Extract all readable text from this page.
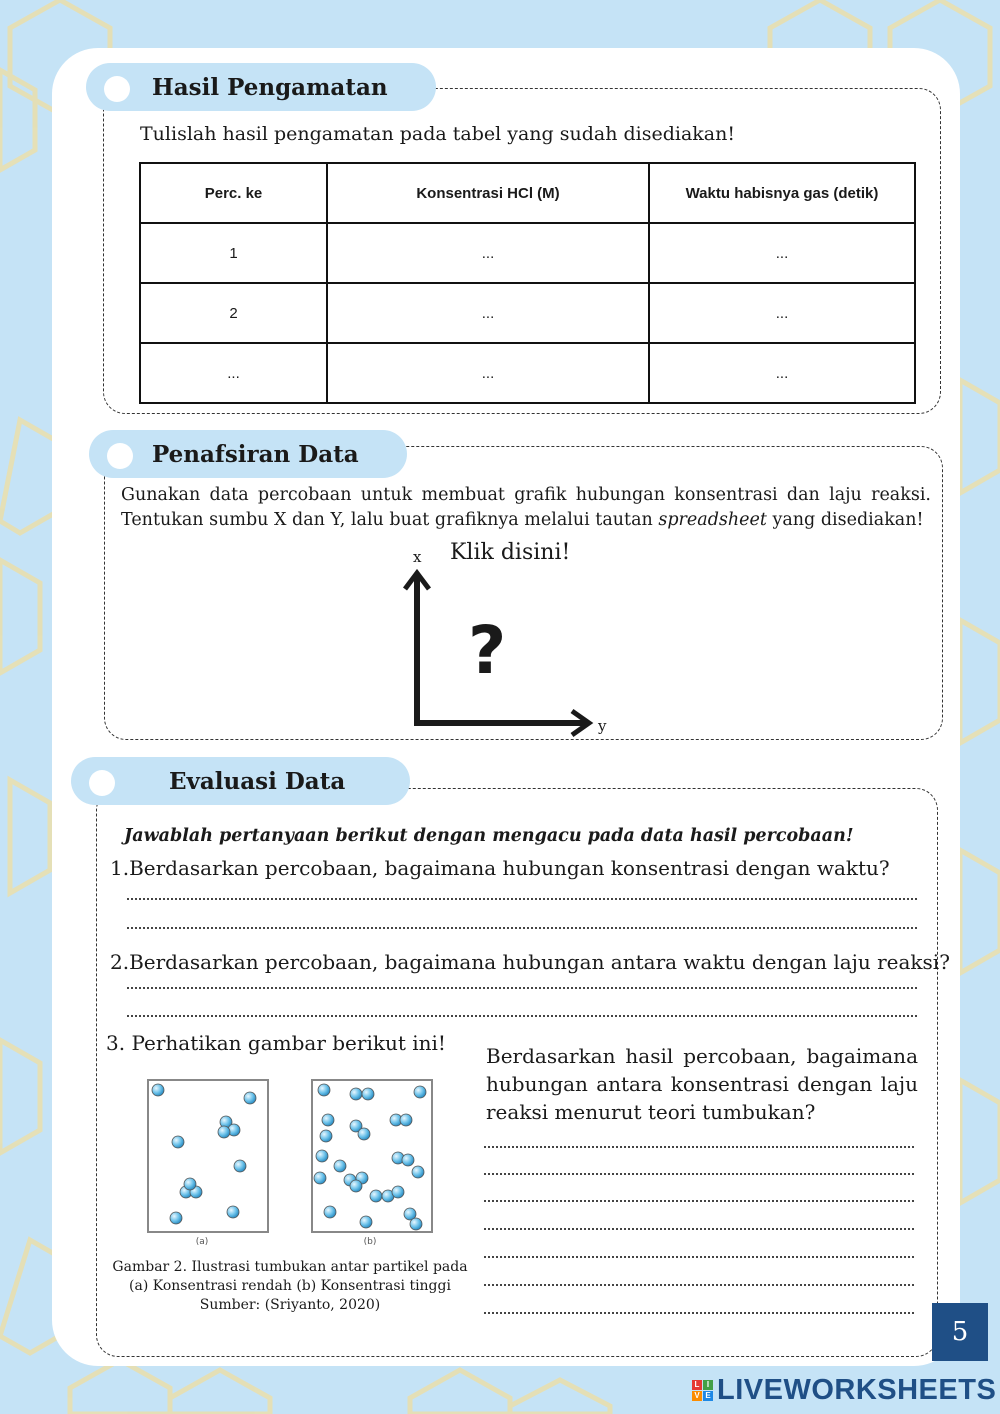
Hasil Pengamatan
Tulislah hasil pengamatan pada tabel yang sudah disediakan!
Perc. ke	Konsentrasi HCl (M)	Waktu habisnya gas (detik)
1	...	...
2	...	...
...	...	...
Penafsiran Data
Gunakan data percobaan untuk membuat grafik hubungan konsentrasi dan laju reaksi. Tentukan sumbu X dan Y, lalu buat grafiknya melalui tautan spreadsheet yang disediakan!
Klik disini!
x
y
?
Evaluasi Data
Jawablah pertanyaan berikut dengan mengacu pada data hasil percobaan!
1.Berdasarkan percobaan, bagaimana hubungan konsentrasi dengan waktu?
2.Berdasarkan percobaan, bagaimana hubungan antara waktu dengan laju reaksi?
3. Perhatikan gambar berikut ini!
Berdasarkan hasil percobaan, bagaimana hubungan antara konsentrasi dengan laju reaksi menurut teori tumbukan?
(a)	(b)
Gambar 2. Ilustrasi tumbukan antar partikel pada
(a) Konsentrasi rendah (b) Konsentrasi tinggi
Sumber: (Sriyanto, 2020)
5
L I
V E LIVEWORKSHEETS
